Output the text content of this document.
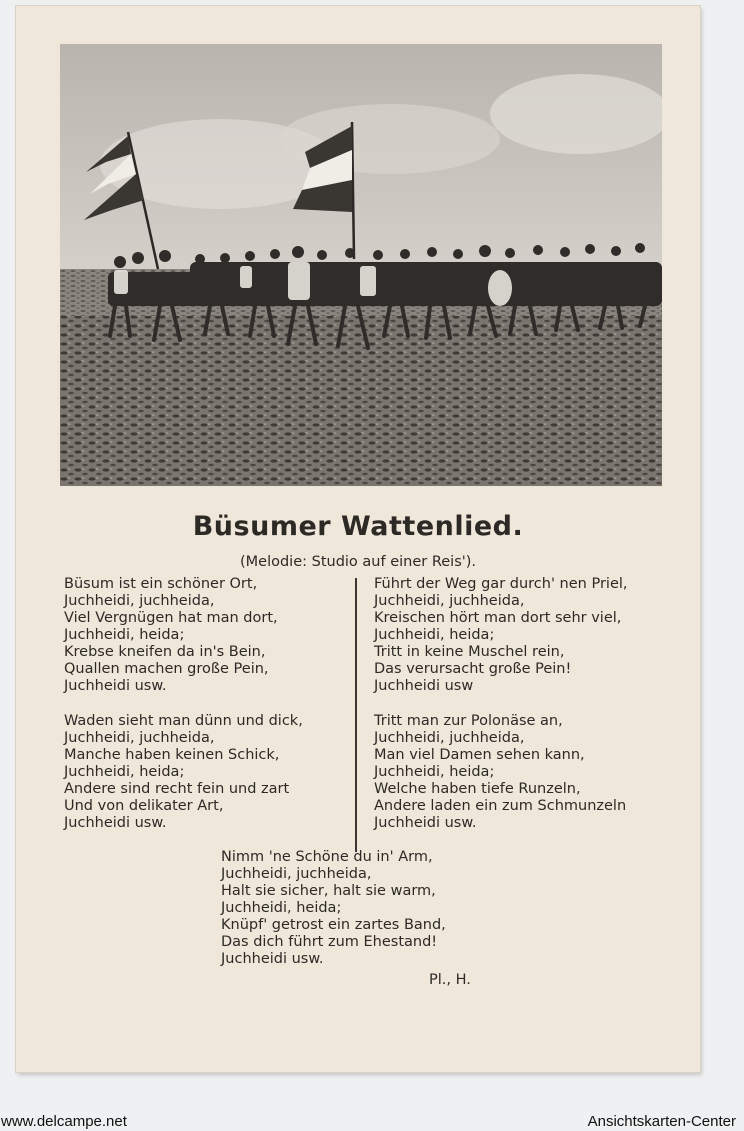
Büsumer Wattenlied.
(Melodie: Studio auf einer Reis').
Büsum ist ein schöner Ort,
Juchheidi, juchheida,
Viel Vergnügen hat man dort,
Juchheidi, heida;
Krebse kneifen da in's Bein,
Quallen machen große Pein,
Juchheidi usw.
Führt der Weg gar durch' nen Priel,
Juchheidi, juchheida,
Kreischen hört man dort sehr viel,
Juchheidi, heida;
Tritt in keine Muschel rein,
Das verursacht große Pein!
Juchheidi usw
Waden sieht man dünn und dick,
Juchheidi, juchheida,
Manche haben keinen Schick,
Juchheidi, heida;
Andere sind recht fein und zart
Und von delikater Art,
Juchheidi usw.
Tritt man zur Polonäse an,
Juchheidi, juchheida,
Man viel Damen sehen kann,
Juchheidi, heida;
Welche haben tiefe Runzeln,
Andere laden ein zum Schmunzeln
Juchheidi usw.
Nimm 'ne Schöne du in' Arm,
Juchheidi, juchheida,
Halt sie sicher, halt sie warm,
Juchheidi, heida;
Knüpf' getrost ein zartes Band,
Das dich führt zum Ehestand!
Juchheidi usw.
Pl., H.
www.delcampe.net	Ansichtskarten-Center
